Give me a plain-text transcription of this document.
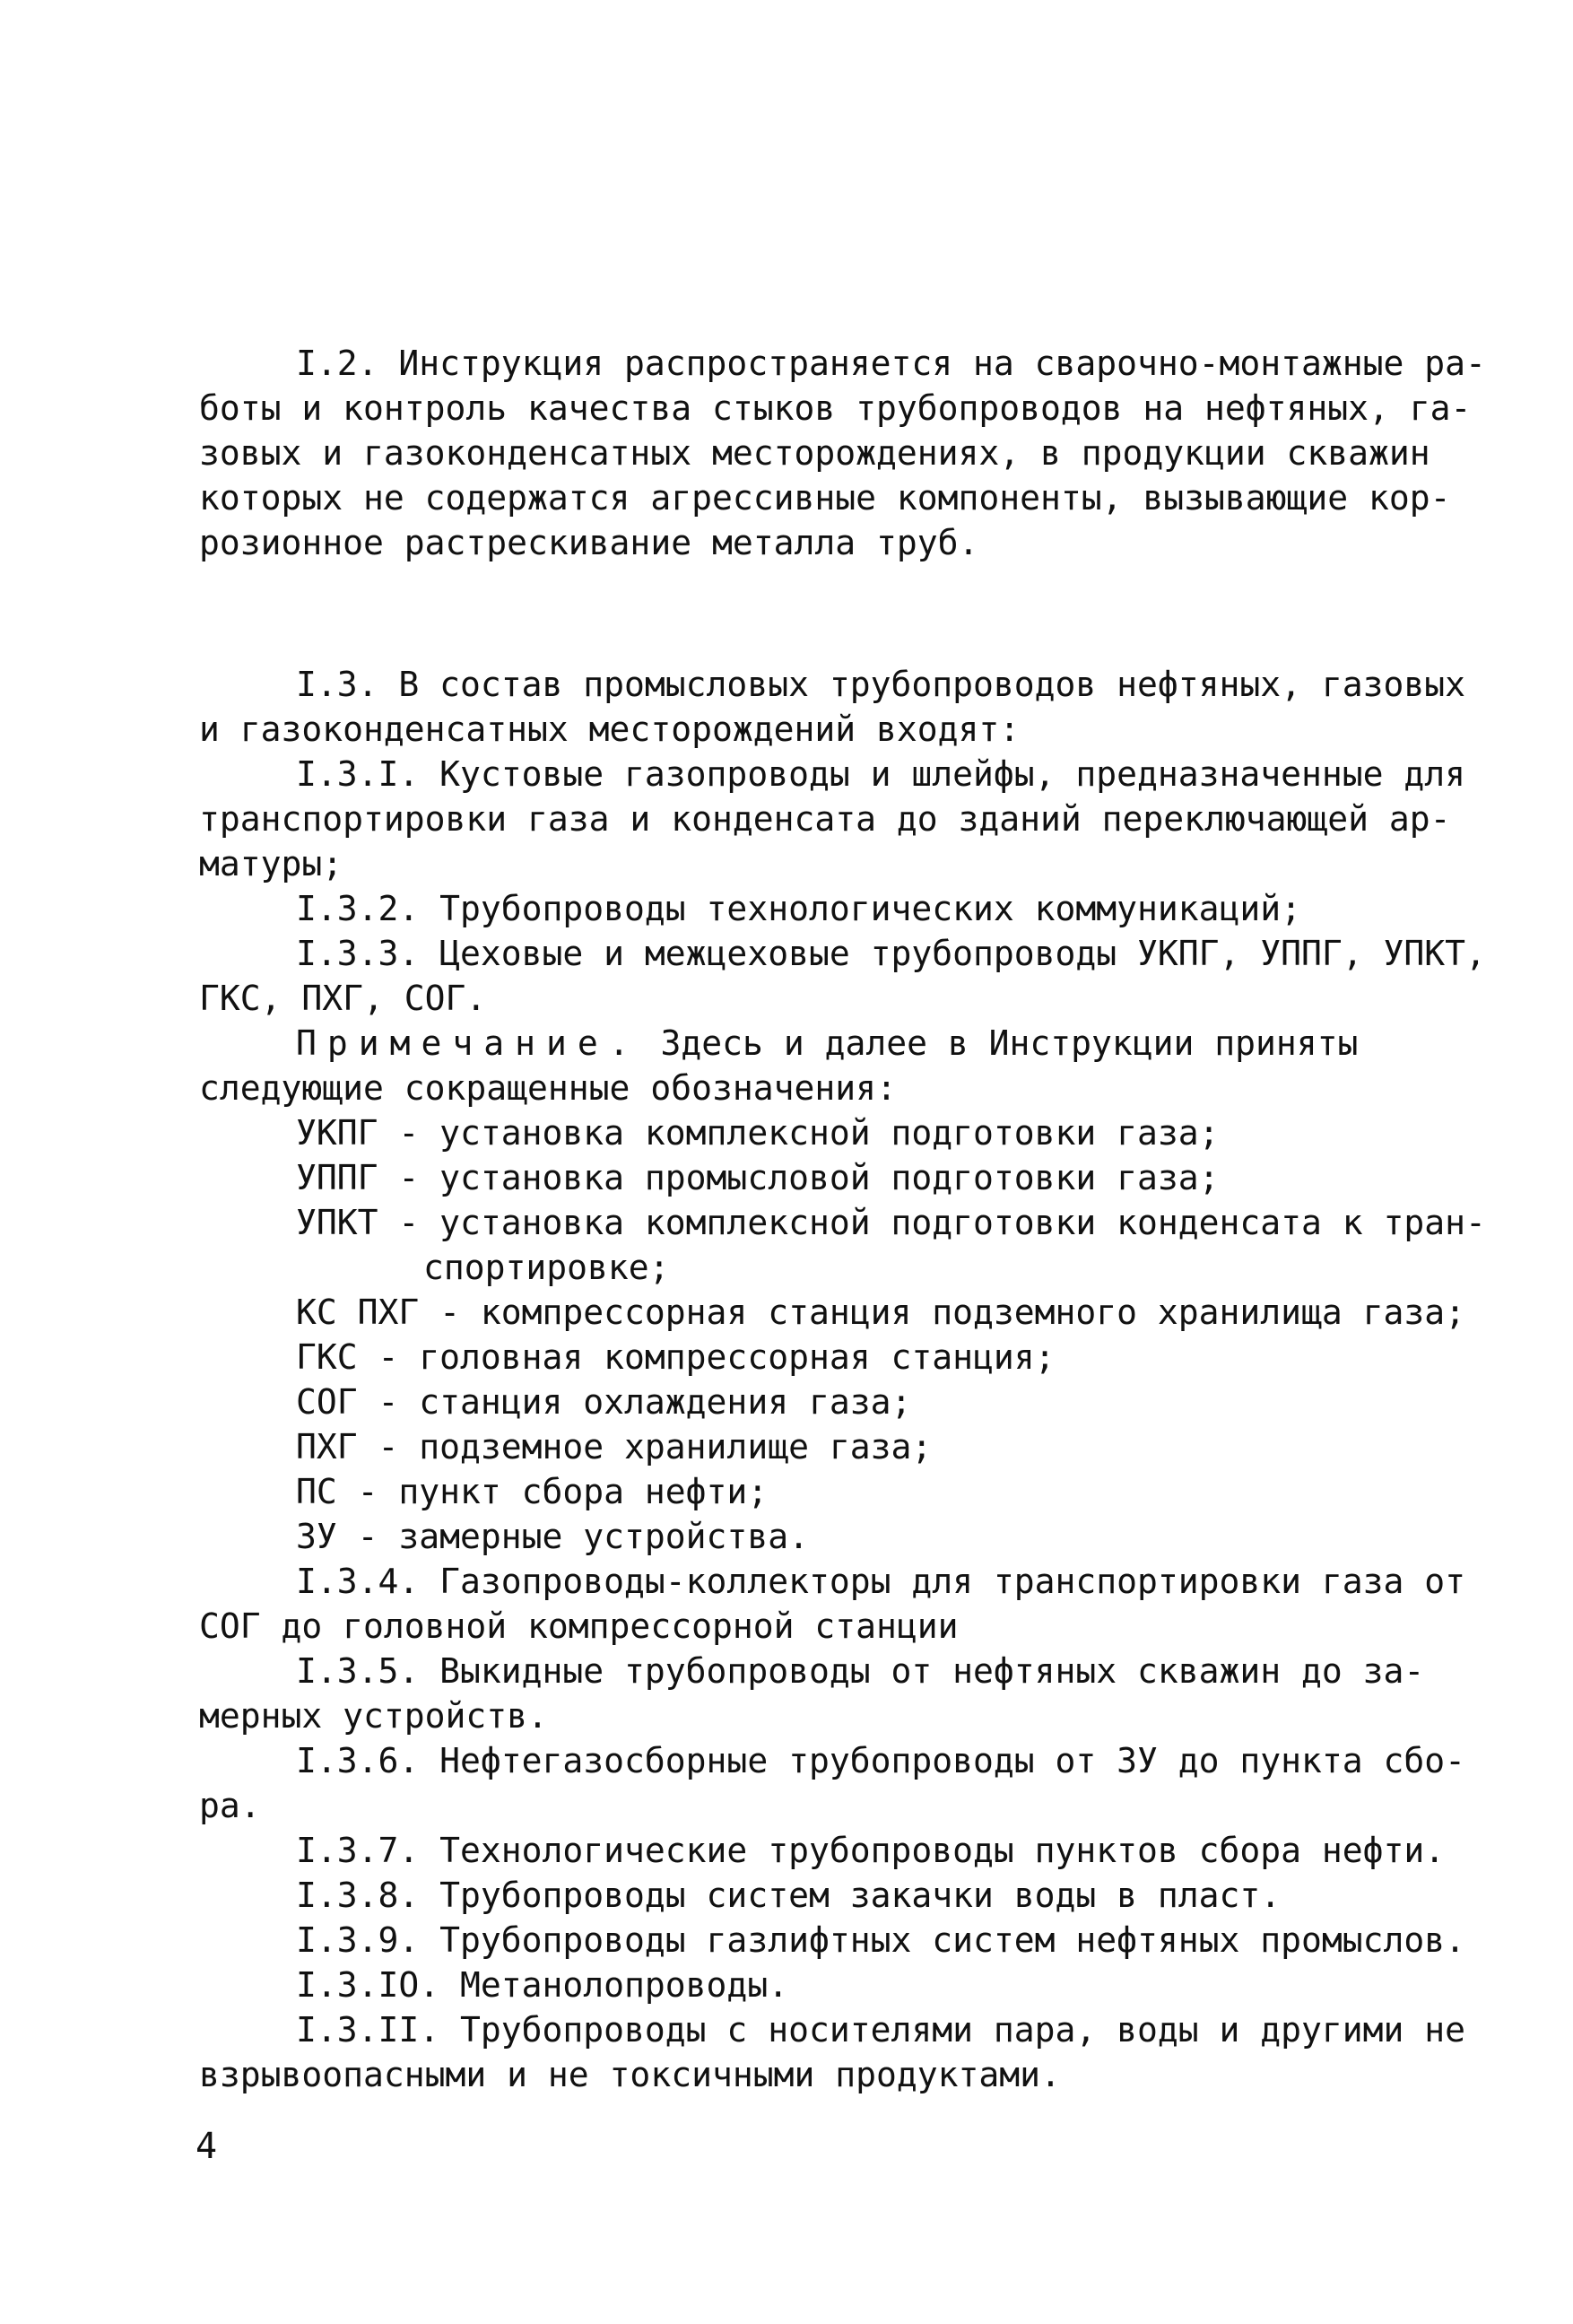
I.2. Инструкция распространяется на сварочно-монтажные ра-
боты и контроль качества стыков трубопроводов на нефтяных, га-
зовых и газоконденсатных месторождениях, в продукции скважин
которых не содержатся агрессивные компоненты, вызывающие кор-
розионное растрескивание металла труб.
I.3. В состав промысловых трубопроводов нефтяных, газовых
и газоконденсатных месторождений входят:
I.3.I. Кустовые газопроводы и шлейфы, предназначенные для
транспортировки газа и конденсата до зданий переключающей ар-
матуры;
I.3.2. Трубопроводы технологических коммуникаций;
I.3.3. Цеховые и межцеховые трубопроводы УКПГ, УППГ, УПКТ,
ГКС, ПХГ, СОГ.
Примечание. Здесь и далее в Инструкции приняты
следующие сокращенные обозначения:
УКПГ - установка комплексной подготовки газа;
УППГ - установка промысловой подготовки газа;
УПКТ - установка комплексной подготовки конденсата к тран-
спортировке;
КС ПХГ - компрессорная станция подземного хранилища газа;
ГКС - головная компрессорная станция;
СОГ - станция охлаждения газа;
ПХГ - подземное хранилище газа;
ПС - пункт сбора нефти;
ЗУ - замерные устройства.
I.3.4. Газопроводы-коллекторы для транспортировки газа от
СОГ до головной компрессорной станции
I.3.5. Выкидные трубопроводы от нефтяных скважин до за-
мерных устройств.
I.3.6. Нефтегазосборные трубопроводы от ЗУ до пункта сбо-
ра.
I.3.7. Технологические трубопроводы пунктов сбора нефти.
I.3.8. Трубопроводы систем закачки воды в пласт.
I.3.9. Трубопроводы газлифтных систем нефтяных промыслов.
I.3.IO. Метанолопроводы.
I.3.II. Трубопроводы с носителями пара, воды и другими не
взрывоопасными и не токсичными продуктами.
4
